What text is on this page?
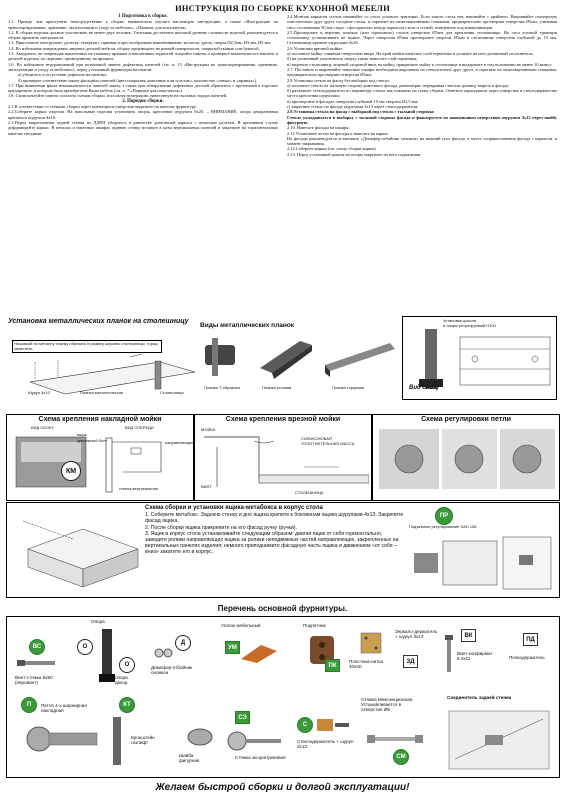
ИНСТРУКЦИЯ ПО СБОРКЕ КУХОННОЙ МЕБЕЛИ

1 Подготовка к сборке.

1.1. Прежде чем приступить непосредственно к сборке, внимательно изучите настоящую инструкцию, а также «Инструкцию по транспортированию, хранению, эксплуатации и уходу за мебелью», «Памятку для покупателя».

1.2. В сборке изделия должно участвовать не менее двух человек. Учитывая достаточно высокий уровень сложности изделий, рекомендуется к сборке привлечь специалиста.

1.3. Приготовьте инструмент: рулетку, отвертки с прямым и крестообразным наконечниками, молоток, дрель, сверла Ø2,5мм, Ø3 мм, Ø5 мм.

1.4. Во избежание повреждения лицевых деталей мебели, сборку производите на ровной поверхности, покрытой тканью или бумагой.

1.5. Аккуратно, не повреждая наклеенных на упаковку ярлыков и наклеенных надписей, вскройте пакеты и проверьте комплектность наклеек и деталей изделия, по перечню, приведенному на ярлыках.

1.6. Во избежание недоразумений при возможной замене дефектных панелей (см. п. 13 «Инструкции по транспортированию, хранению, эксплуатации и уходу за мебелью»), перед установкой фурнитуры на панели:

а) убедитесь в отсутствии дефектов на панелях;

б) проверьте соответствие заказу фасадных панелей (цвет покрытия, рамочные или «глухие», количество «левых» и «правых»).

1.7. При выявлении факта некомплектности панелей заказу, а также при обнаружении дефектных деталей обратитесь с претензией в торговое предприятие, в котором была приобретена Ваша мебель (см. п. 7 «Памятки для покупателя»).

1.8. Скомплектуйте панели согласно схемам сборки, используя нумерацию, нанесенную на тыльных торцах панелей.

2. Порядок сборки.

2.1.В соответствии со схемами сборки через имеющиеся отверстия закрепите на панелях фурнитуру.

2.2.Соберите каркас изделия. На напольные изделия установить опоры, крепление шурупом 6х20. – ВНИМАНИЕ, опора декоративная крепиться шурупом 4х16.

2.3.Перед закреплением задней стенки из ЛДВП убедитесь в равенстве диагоналей каркаса с помощью рулетки. В противном случае деформируйте каркас. В пеналах и навесных шкафах заднюю стенку вставьте в пазы вертикальных панелей и закрепите на горизонтальных панелях гвоздями.

2.4.Монтаж каркасов столов начинайте со стола углового трапеции. Если такого стола нет, начинайте с крайнего. Выровняйте поочередно относительно друг друга соседние столы, и скрепите их межсекционными стяжками, предварительно просверлив отверстия Ø5мм, учитывая снос столешницы 50 мм сзади - пространство между каркасом стола и стеной, отведенное под коммуникации.

2.5.Просверлите в верхних планках (или горизонтах) столов отверстия Ø5мм для крепления столешницы. На стол угловой трапеции столешницу устанавливать не нужно. Через отверстия Ø5мм просверлите сверлом Ø3мм в столешнице отверстия глубиной до 15 мм. Столешницы крепите шурупами 4х30.

2.6.Установка врезной мойки:

а) поставьте мойку сливным отверстием вверх. На край мойки нанесите слой герметика и уложите на него резиновый уплотнитель;

б) на уложенный уплотнитель сверху также нанесите слой герметика;

в) наденьте столешницу лицевой стороной вниз на мойку, прикрепите мойку к столешнице и выдержите в том положении не менее 10 минут.

2.7. Поставьте и выровняйте навесные шкафы необходимо выровнять их относительно друг друга, и скрепить их межсекционными стяжками, предварительно просверлив отверстия Ø5мм.

2.8.Установка стекла на фасад без выборки под стекло:

а) положите стекло на тыльную сторону рамочного фасада, равномерно перекрывая стеклом границу выреза в фасаде;

б) разложите стеклодержатели по периметру стекла как показано на схеме сборки. Отметьте карандашом через отверстия в стеклодержателях места крепления шурупами;

в) просверлите в фасадах отверстия глубиной 10 мм сверлом Ø2,5 мм;

г) закрепите стекло на фасаде шурупами 3х13 через стеклодержатели;

2.9.Установка стекла на фасад с выборкой под стекло с тыльной стороны:

Стекло укладывается в выборку с тыльной стороны фасада и фиксируется по наименьшим отверстиям шурупом 3х13 через шайбу фигурную.

2.10. Навесьте фасады на шкафы.

2.11.Установите петли на фасады и навесьте на каркас.

На фасады рекомендуется установить «Демпфер-отбойник силикон» на нижний угол фасада, в месте соприкосновения фасада с каркасом, в момент закрывания.

2.12.Соберите ящики (см. схему сборки ящика)

2.13. Перед установкой цоколя на опоры закрепите на него подпятники.

Установка металлических планок на столешницу
Ножовкой по металлу планку обрезать в размер ширины столешницы, торцы зачистить.
Шуруп 4х13	Планка металлическая	Столешница
Виды металлических планок
Планка Т-образная	Планка угловая	Планка торцевая
Установка цоколя
и опоры регулируемой Н100
Вид снизу
Схема крепления накладной мойки
ВИД СБОКУ	ВИД СПЕРЕДИ
ящик
крепежный болт	направляющие
стенка вертикальная
КМ
Схема крепления врезной мойки
МОЙКА
ВИНТ
СИЛИКОНОВАЯ УПЛОТНИТЕЛЬНАЯ МАССА
СТОЛЕШНИЦА
Схема регулировки петли

Схема сборки и установки ящика-метабокса в корпус стола

1. Соберите метабокс. Заднюю стенку и дно ящика крепите к боковинам ящика шурупами 4х13. Закрепите фасад ящика.

2. После сборки ящика прикрепите на его фасад ручку (ручки).

3. Ящик в корпус стола устанавливайте следующим образом: двигая ящик от себя горизонтально, заведите ролики направляющих ящика за ролики неподвижных частей направляющих, закрепленных на вертикальных панелях изделия; немного приподнимите фасадную часть ящика и движением «от себя – вниз» закатите его в корпус.

ПР
Подъемное регулирование SAH 108
Перечень основной фурнитуры.
ВС
Винт-стяжка 6х50 (евровинт)
Опора
О
О
опора декор
Д
Демпфер-отбойник силикон
Уголок мебельный
УМ
Подпятник
ПК
Пластина-нитка 40х40
Зеркало-держатель + шуруп 3х13
ЗД
ВК
Винт-конфирмат 6.3х11
ПД
Полкодержатель
П	Петля 4-х шарнирная накладная
КТ
Кронштейн газлифт
Шайба фигурная
СЭ
Стяжка эксцентриковая
С
Стеклодержатель + шуруп 3х13
Стяжка Межсекционная. Устанавливается в отверстие Ø5
СМ
Соединитель задней стенки
Желаем быстрой сборки и долгой эксплуатации!
